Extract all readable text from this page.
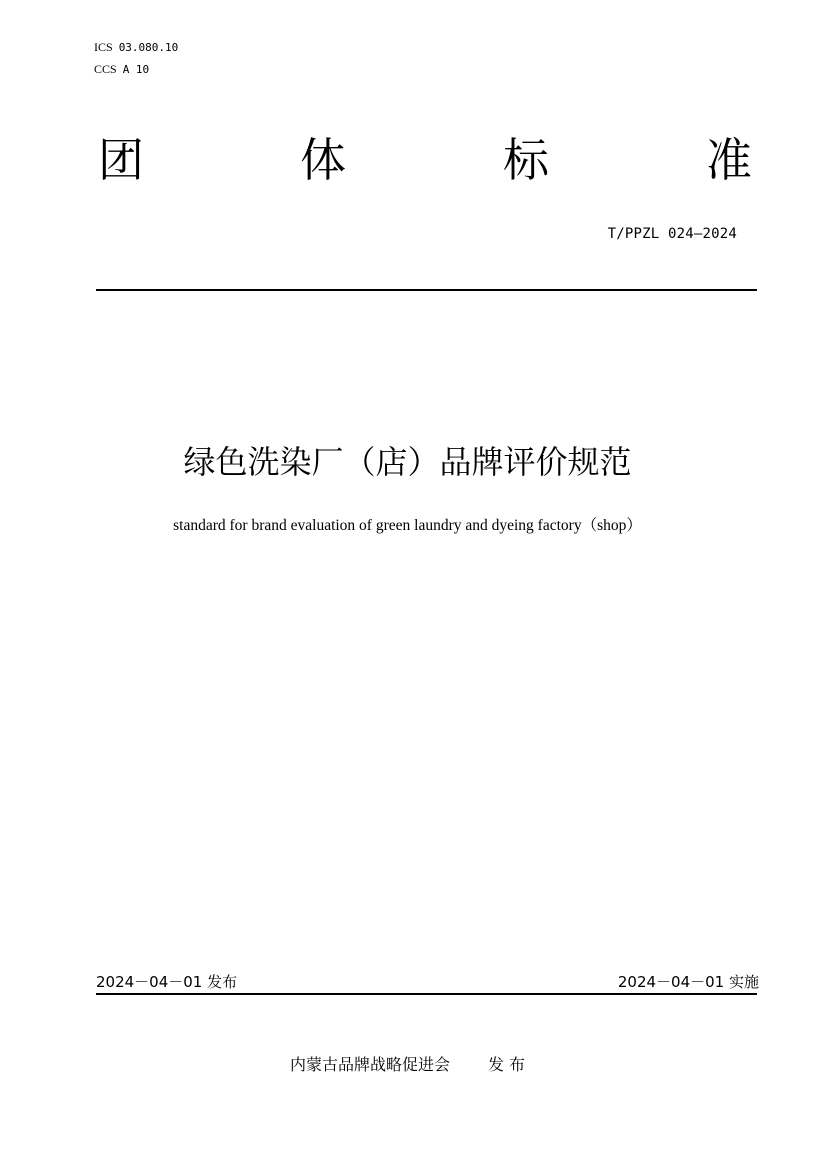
ICS 03.080.10
CCS A 10
团	体	标	准
T/PPZL 024—2024
绿色洗染厂（店）品牌评价规范
standard for brand evaluation of green laundry and dyeing factory（shop）
2024－04－01 发布	2024－04－01 实施
内蒙古品牌战略促进会 发 布
